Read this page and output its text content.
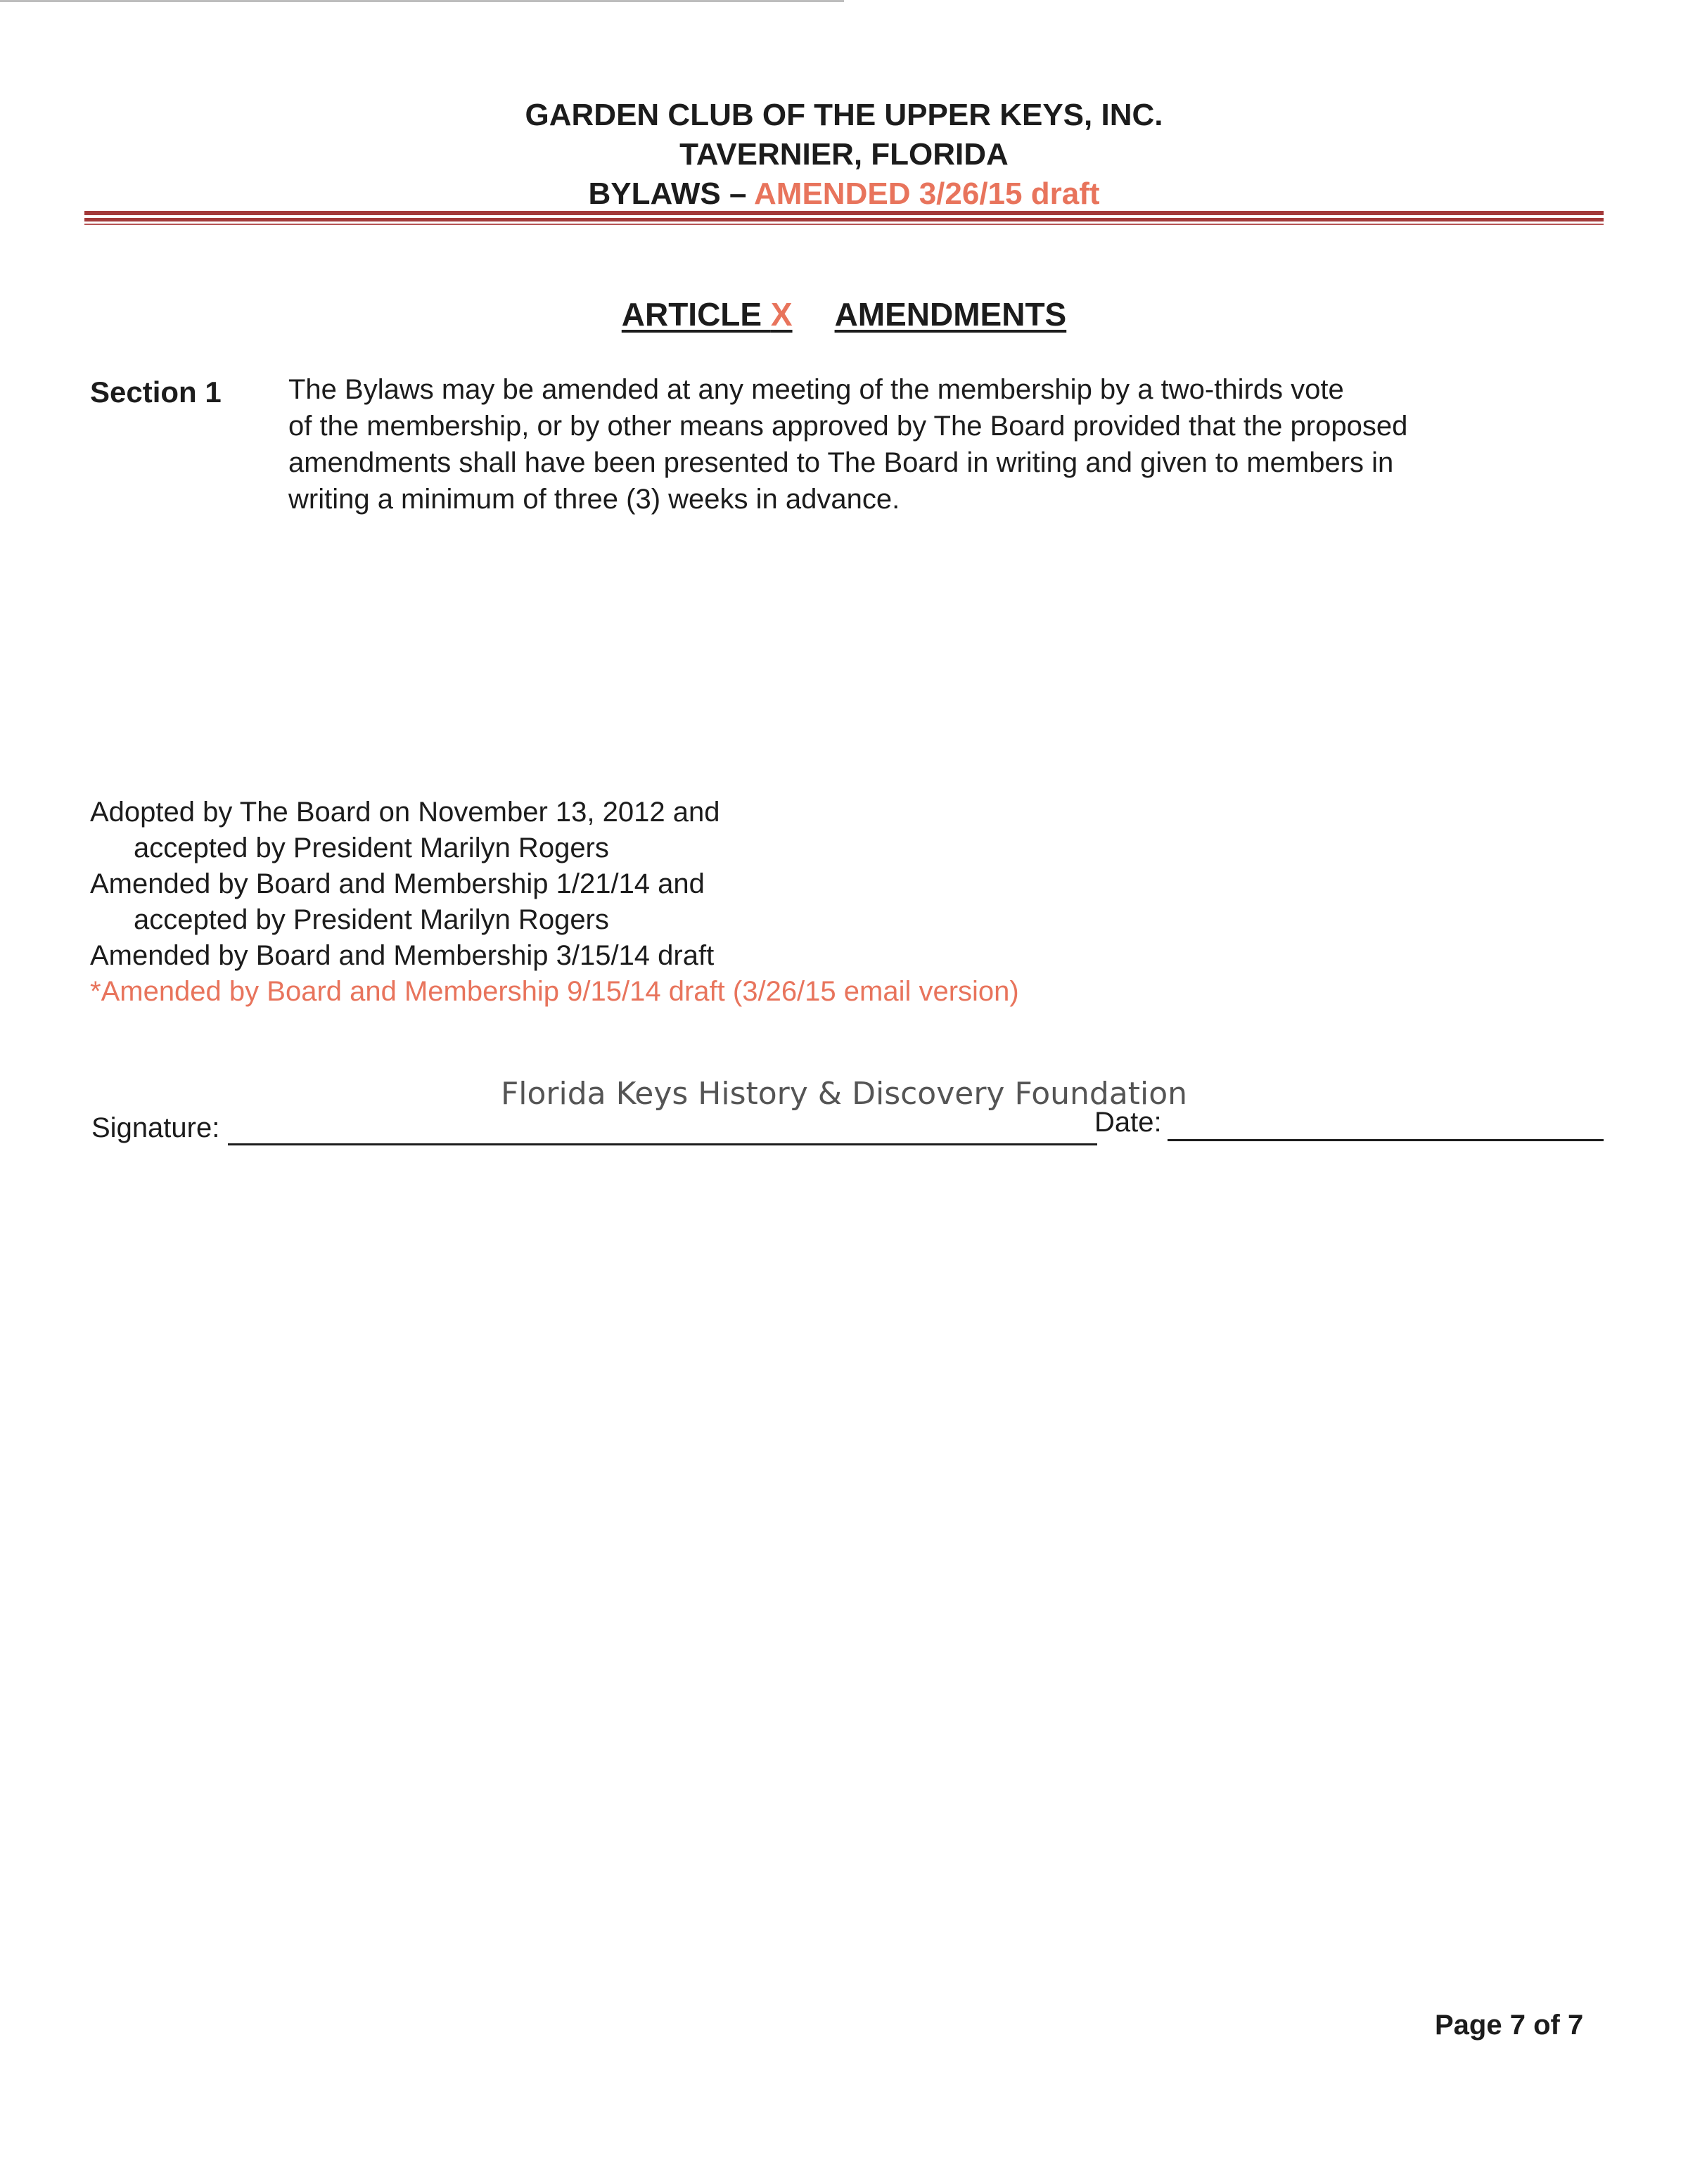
GARDEN CLUB OF THE UPPER KEYS, INC.
TAVERNIER, FLORIDA
BYLAWS – AMENDED 3/26/15 draft
ARTICLE X AMENDMENTS
Section 1 The Bylaws may be amended at any meeting of the membership by a two-thirds vote
of the membership, or by other means approved by The Board provided that the proposed
amendments shall have been presented to The Board in writing and given to members in
writing a minimum of three (3) weeks in advance.
Adopted by The Board on November 13, 2012 and
accepted by President Marilyn Rogers
Amended by Board and Membership 1/21/14 and
accepted by President Marilyn Rogers
Amended by Board and Membership 3/15/14 draft
*Amended by Board and Membership 9/15/14 draft (3/26/15 email version)
Florida Keys History & Discovery Foundation
Signature:	Date:
Page 7 of 7
